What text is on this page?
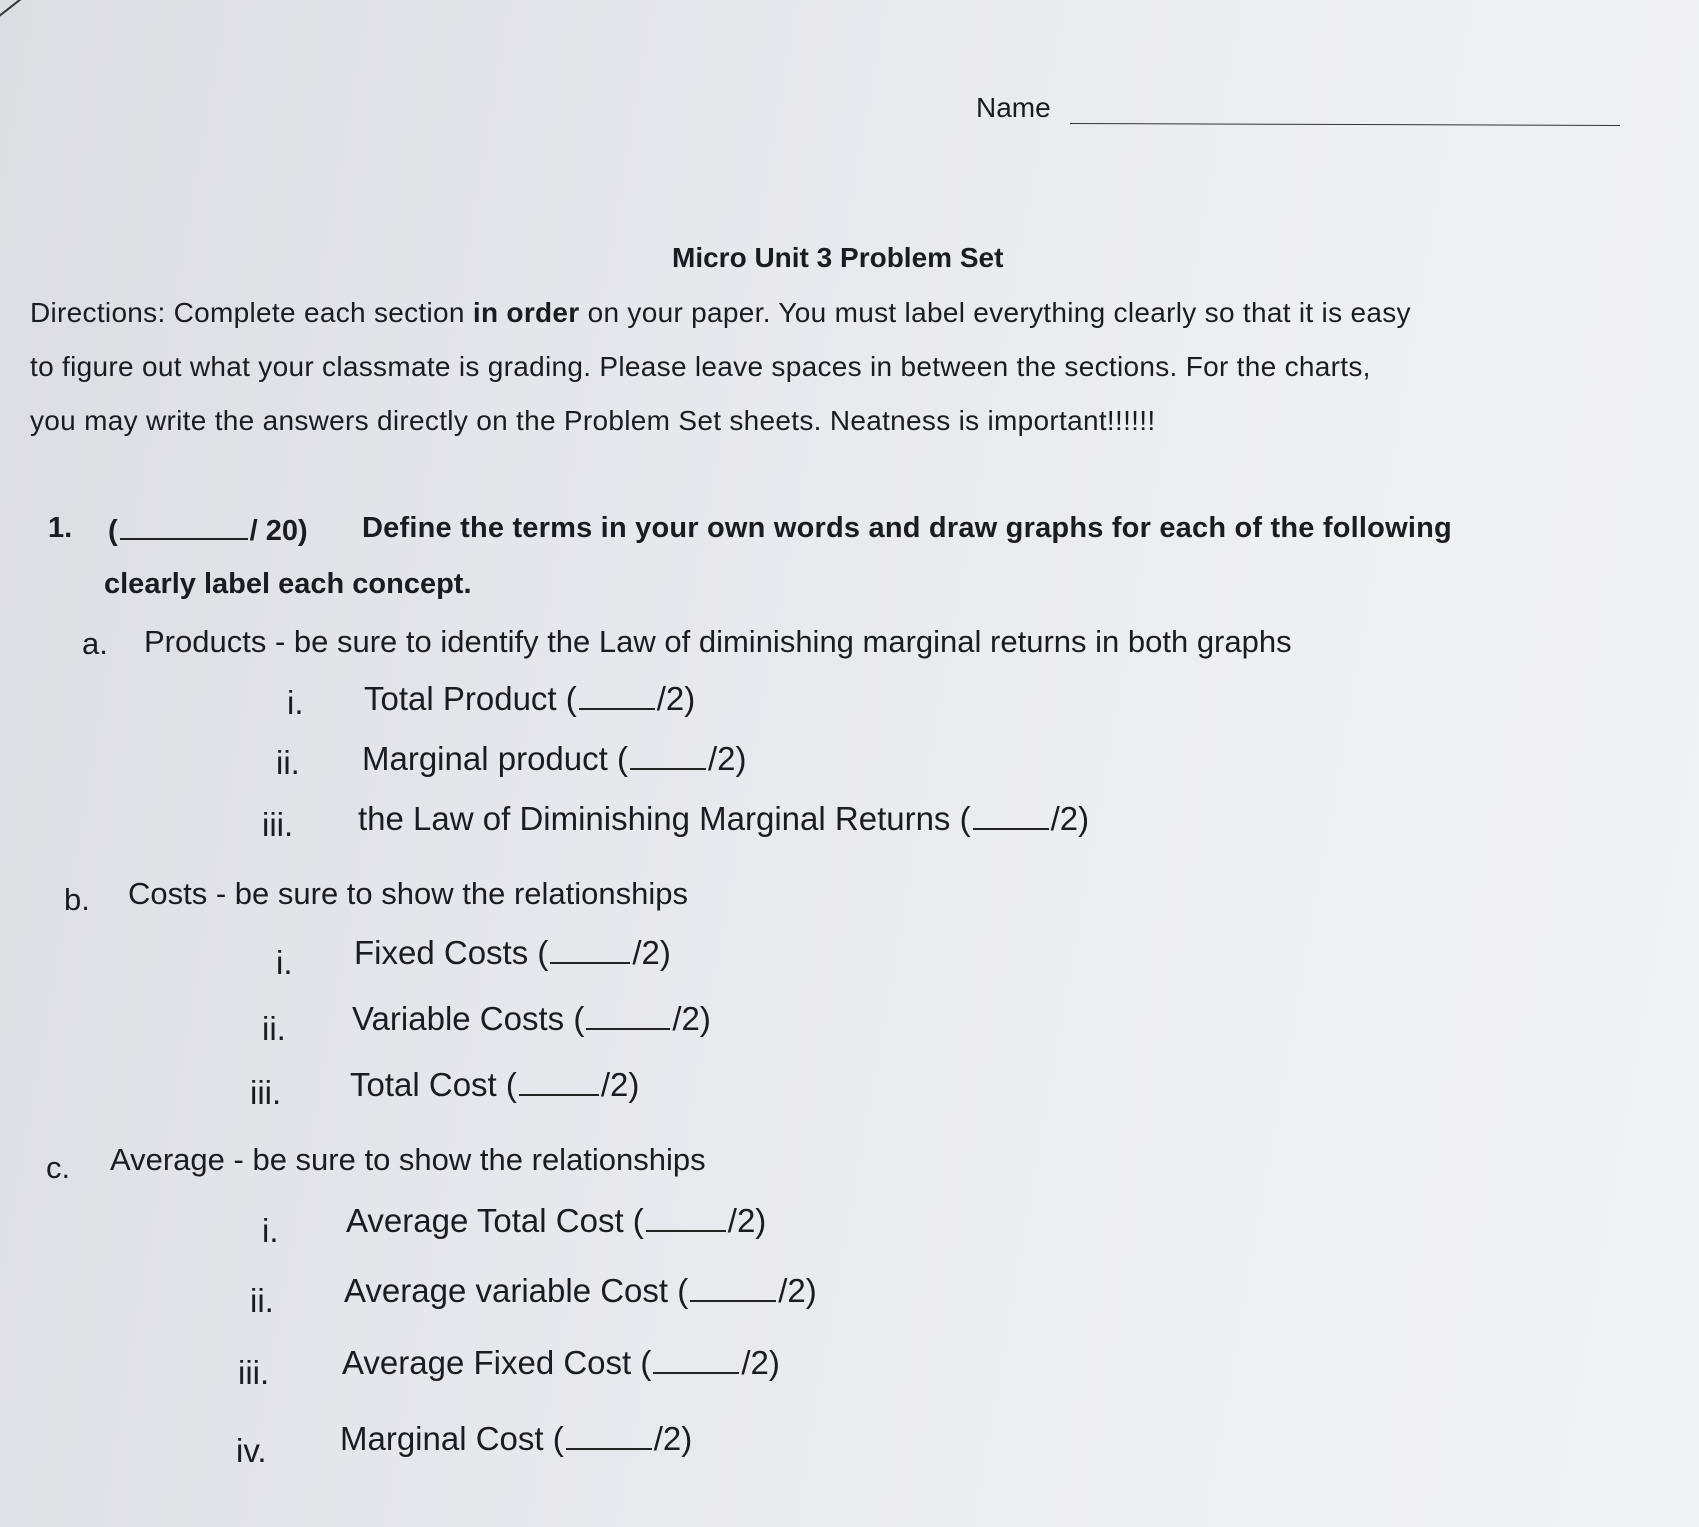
Name
Micro Unit 3 Problem Set
Directions: Complete each section in order on your paper. You must label everything clearly so that it is easy
to figure out what your classmate is grading. Please leave spaces in between the sections. For the charts,
you may write the answers directly on the Problem Set sheets. Neatness is important!!!!!!
1. (	/ 20) Define the terms in your own words and draw graphs for each of the following
clearly label each concept.
a. Products - be sure to identify the Law of diminishing marginal returns in both graphs
i. Total Product ( /2)
ii. Marginal product ( /2)
iii. the Law of Diminishing Marginal Returns ( /2)
b. Costs - be sure to show the relationships
i. Fixed Costs (	/2)
ii. Variable Costs (	/2)
iii. Total Cost (	/2)
c. Average - be sure to show the relationships
i. Average Total Cost (	/2)
ii. Average variable Cost (	/2)
iii. Average Fixed Cost (	/2)
iv. Marginal Cost (	/2)
